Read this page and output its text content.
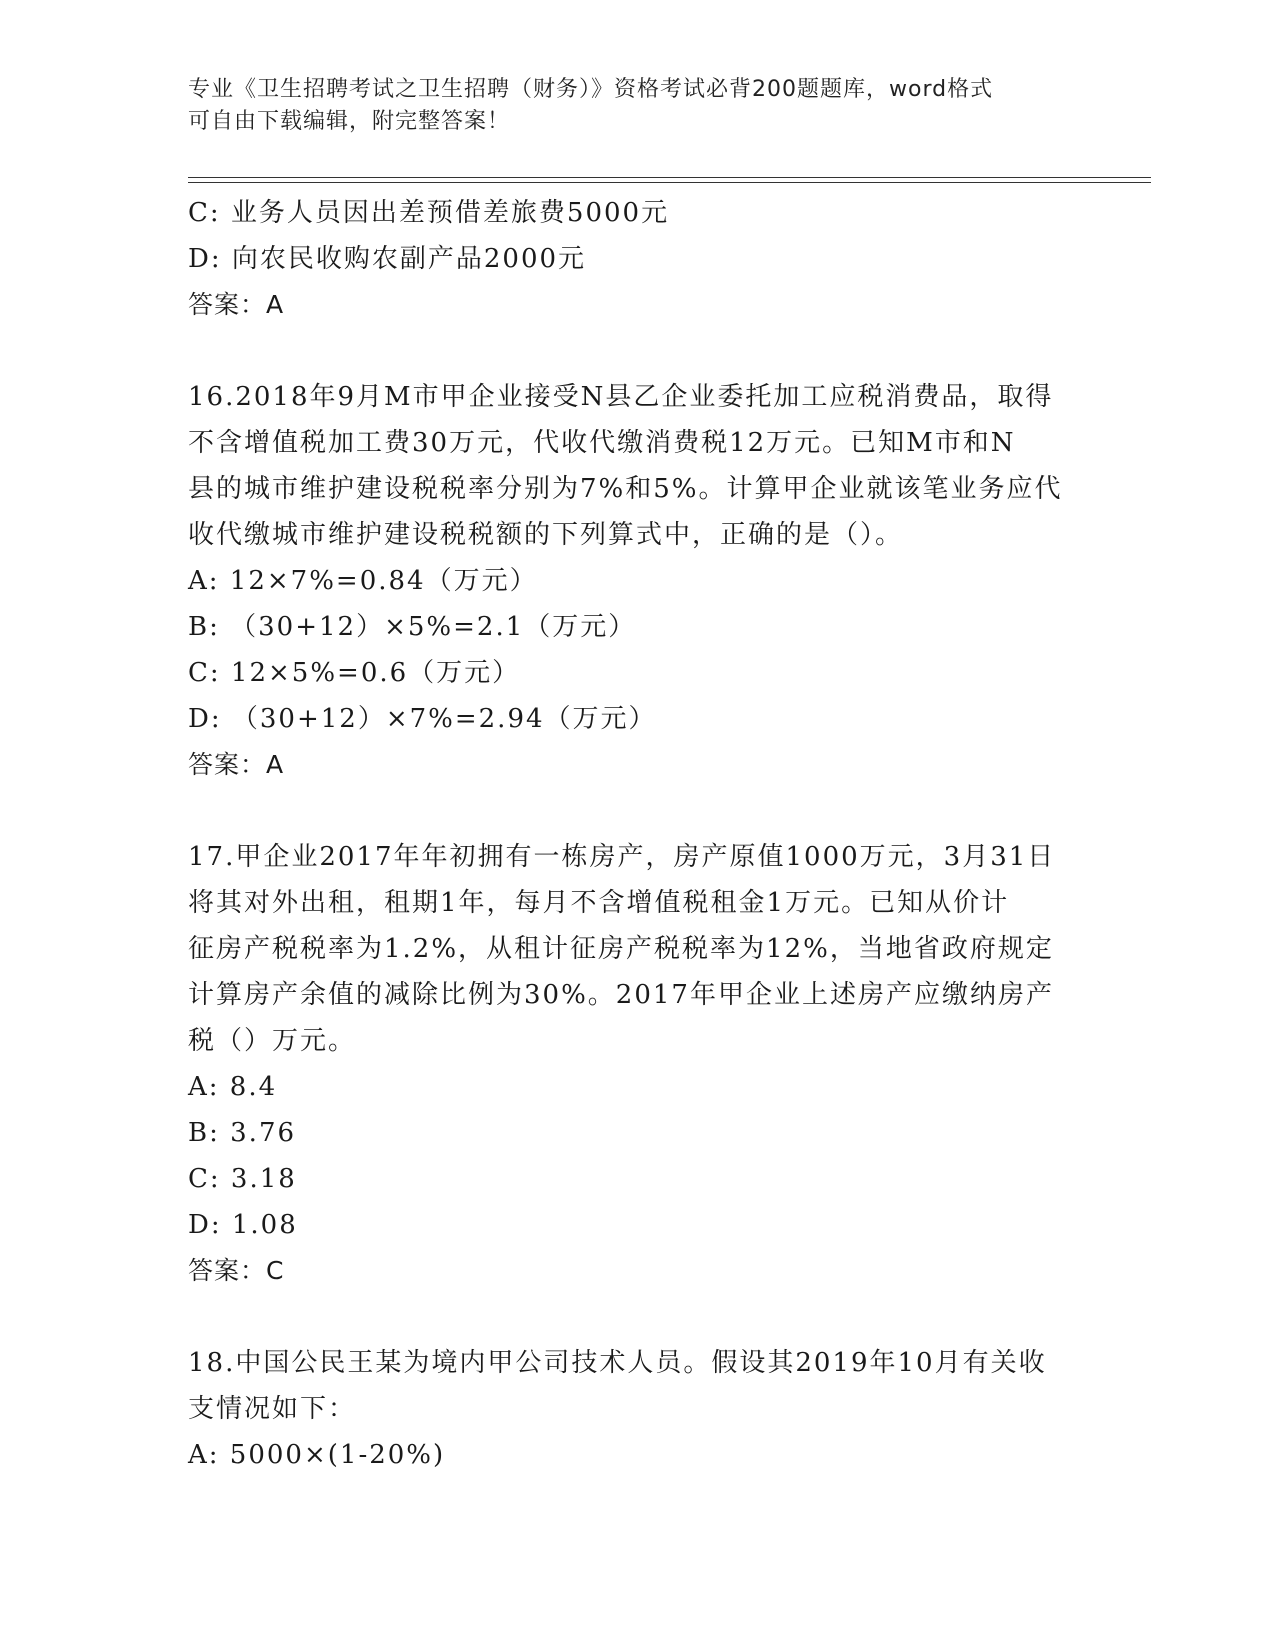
专业《卫生招聘考试之卫生招聘（财务）》资格考试必背200题题库，word格式
可自由下载编辑，附完整答案！
C: 业务人员因出差预借差旅费5000元
D: 向农民收购农副产品2000元
答案：A
16.2018年9月M市甲企业接受N县乙企业委托加工应税消费品，取得
不含增值税加工费30万元，代收代缴消费税12万元。已知M市和N
县的城市维护建设税税率分别为7%和5%。计算甲企业就该笔业务应代
收代缴城市维护建设税税额的下列算式中，正确的是（）。
A: 12×7%=0.84（万元）
B: （30+12）×5%=2.1（万元）
C: 12×5%=0.6（万元）
D: （30+12）×7%=2.94（万元）
答案：A
17.甲企业2017年年初拥有一栋房产，房产原值1000万元，3月31日
将其对外出租，租期1年，每月不含增值税租金1万元。已知从价计
征房产税税率为1.2%，从租计征房产税税率为12%，当地省政府规定
计算房产余值的减除比例为30%。2017年甲企业上述房产应缴纳房产
税（）万元。
A: 8.4
B: 3.76
C: 3.18
D: 1.08
答案：C
18.中国公民王某为境内甲公司技术人员。假设其2019年10月有关收
支情况如下：
A: 5000×(1-20%)
